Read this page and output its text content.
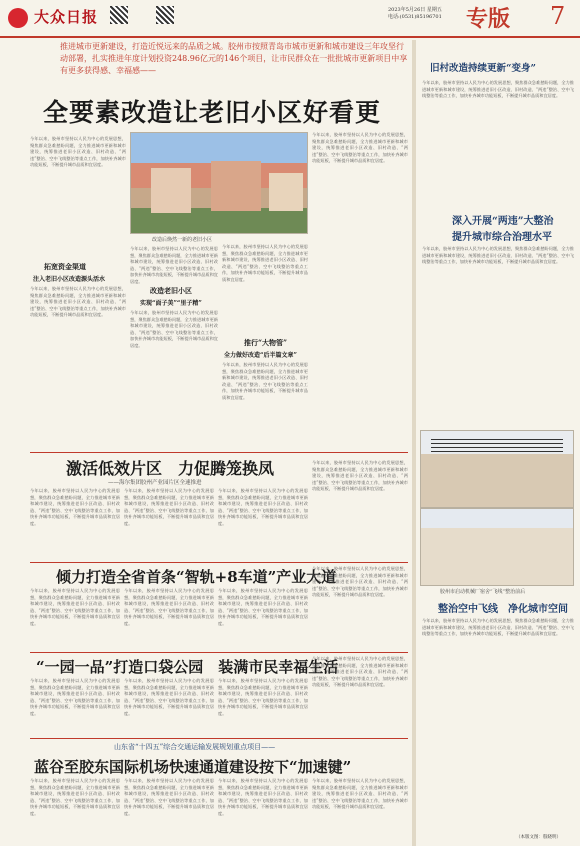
大众日报	2023年5月26日 星期五
电话:(0531)85196701 专版 7
推进城市更新建设，打造近悦远来的品质之城。胶州市按照青岛市城市更新和城市建设三年攻坚行动部署，扎实推进年度计划投资248.96亿元的146个项目，让市民群众在一批批城市更新项目中享有更多获得感、幸福感——
全要素改造让老旧小区好看更
今年以来，胶州市坚持以人民为中心的发展思想，聚焦群众急难愁盼问题，全力推进城市更新和城市建设，统筹推进老旧小区改造、旧村改造、“两违”整治、空中飞线整治等重点工作，加快补齐城市功能短板，不断提升城市品质和宜居度。
拓宽资金渠道
注入老旧小区改造源头活水
今年以来，胶州市坚持以人民为中心的发展思想，聚焦群众急难愁盼问题，全力推进城市更新和城市建设，统筹推进老旧小区改造、旧村改造、“两违”整治、空中飞线整治等重点工作，加快补齐城市功能短板，不断提升城市品质和宜居度。
改造后焕然一新的老旧小区
今年以来，胶州市坚持以人民为中心的发展思想，聚焦群众急难愁盼问题，全力推进城市更新和城市建设，统筹推进老旧小区改造、旧村改造、“两违”整治、空中飞线整治等重点工作，加快补齐城市功能短板，不断提升城市品质和宜居度。
改造老旧小区
实现“面子美”“里子精”
今年以来，胶州市坚持以人民为中心的发展思想，聚焦群众急难愁盼问题，全力推进城市更新和城市建设，统筹推进老旧小区改造、旧村改造、“两违”整治、空中飞线整治等重点工作，加快补齐城市功能短板，不断提升城市品质和宜居度。
今年以来，胶州市坚持以人民为中心的发展思想，聚焦群众急难愁盼问题，全力推进城市更新和城市建设，统筹推进老旧小区改造、旧村改造、“两违”整治、空中飞线整治等重点工作，加快补齐城市功能短板，不断提升城市品质和宜居度。
推行“大物管”
全力做好改造“后半篇文章”
今年以来，胶州市坚持以人民为中心的发展思想，聚焦群众急难愁盼问题，全力推进城市更新和城市建设，统筹推进老旧小区改造、旧村改造、“两违”整治、空中飞线整治等重点工作，加快补齐城市功能短板，不断提升城市品质和宜居度。
今年以来，胶州市坚持以人民为中心的发展思想，聚焦群众急难愁盼问题，全力推进城市更新和城市建设，统筹推进老旧小区改造、旧村改造、“两违”整治、空中飞线整治等重点工作，加快补齐城市功能短板，不断提升城市品质和宜居度。
激活低效片区　力促腾笼换凤
——海尔集团胶州产业园片区全速推进
今年以来，胶州市坚持以人民为中心的发展思想，聚焦群众急难愁盼问题，全力推进城市更新和城市建设，统筹推进老旧小区改造、旧村改造、“两违”整治、空中飞线整治等重点工作，加快补齐城市功能短板，不断提升城市品质和宜居度。
今年以来，胶州市坚持以人民为中心的发展思想，聚焦群众急难愁盼问题，全力推进城市更新和城市建设，统筹推进老旧小区改造、旧村改造、“两违”整治、空中飞线整治等重点工作，加快补齐城市功能短板，不断提升城市品质和宜居度。
今年以来，胶州市坚持以人民为中心的发展思想，聚焦群众急难愁盼问题，全力推进城市更新和城市建设，统筹推进老旧小区改造、旧村改造、“两违”整治、空中飞线整治等重点工作，加快补齐城市功能短板，不断提升城市品质和宜居度。
今年以来，胶州市坚持以人民为中心的发展思想，聚焦群众急难愁盼问题，全力推进城市更新和城市建设，统筹推进老旧小区改造、旧村改造、“两违”整治、空中飞线整治等重点工作，加快补齐城市功能短板，不断提升城市品质和宜居度。
倾力打造全省首条“智轨+8车道”产业大道
今年以来，胶州市坚持以人民为中心的发展思想，聚焦群众急难愁盼问题，全力推进城市更新和城市建设，统筹推进老旧小区改造、旧村改造、“两违”整治、空中飞线整治等重点工作，加快补齐城市功能短板，不断提升城市品质和宜居度。
今年以来，胶州市坚持以人民为中心的发展思想，聚焦群众急难愁盼问题，全力推进城市更新和城市建设，统筹推进老旧小区改造、旧村改造、“两违”整治、空中飞线整治等重点工作，加快补齐城市功能短板，不断提升城市品质和宜居度。
今年以来，胶州市坚持以人民为中心的发展思想，聚焦群众急难愁盼问题，全力推进城市更新和城市建设，统筹推进老旧小区改造、旧村改造、“两违”整治、空中飞线整治等重点工作，加快补齐城市功能短板，不断提升城市品质和宜居度。
今年以来，胶州市坚持以人民为中心的发展思想，聚焦群众急难愁盼问题，全力推进城市更新和城市建设，统筹推进老旧小区改造、旧村改造、“两违”整治、空中飞线整治等重点工作，加快补齐城市功能短板，不断提升城市品质和宜居度。
“一园一品”打造口袋公园　装满市民幸福生活
今年以来，胶州市坚持以人民为中心的发展思想，聚焦群众急难愁盼问题，全力推进城市更新和城市建设，统筹推进老旧小区改造、旧村改造、“两违”整治、空中飞线整治等重点工作，加快补齐城市功能短板，不断提升城市品质和宜居度。
今年以来，胶州市坚持以人民为中心的发展思想，聚焦群众急难愁盼问题，全力推进城市更新和城市建设，统筹推进老旧小区改造、旧村改造、“两违”整治、空中飞线整治等重点工作，加快补齐城市功能短板，不断提升城市品质和宜居度。
今年以来，胶州市坚持以人民为中心的发展思想，聚焦群众急难愁盼问题，全力推进城市更新和城市建设，统筹推进老旧小区改造、旧村改造、“两违”整治、空中飞线整治等重点工作，加快补齐城市功能短板，不断提升城市品质和宜居度。
今年以来，胶州市坚持以人民为中心的发展思想，聚焦群众急难愁盼问题，全力推进城市更新和城市建设，统筹推进老旧小区改造、旧村改造、“两违”整治、空中飞线整治等重点工作，加快补齐城市功能短板，不断提升城市品质和宜居度。
山东省“十四五”综合交通运输发展规划重点项目——
蓝谷至胶东国际机场快速通道建设按下“加速键”
今年以来，胶州市坚持以人民为中心的发展思想，聚焦群众急难愁盼问题，全力推进城市更新和城市建设，统筹推进老旧小区改造、旧村改造、“两违”整治、空中飞线整治等重点工作，加快补齐城市功能短板，不断提升城市品质和宜居度。
今年以来，胶州市坚持以人民为中心的发展思想，聚焦群众急难愁盼问题，全力推进城市更新和城市建设，统筹推进老旧小区改造、旧村改造、“两违”整治、空中飞线整治等重点工作，加快补齐城市功能短板，不断提升城市品质和宜居度。
今年以来，胶州市坚持以人民为中心的发展思想，聚焦群众急难愁盼问题，全力推进城市更新和城市建设，统筹推进老旧小区改造、旧村改造、“两违”整治、空中飞线整治等重点工作，加快补齐城市功能短板，不断提升城市品质和宜居度。
今年以来，胶州市坚持以人民为中心的发展思想，聚焦群众急难愁盼问题，全力推进城市更新和城市建设，统筹推进老旧小区改造、旧村改造、“两违”整治、空中飞线整治等重点工作，加快补齐城市功能短板，不断提升城市品质和宜居度。
旧村改造持续更新“变身”
今年以来，胶州市坚持以人民为中心的发展思想，聚焦群众急难愁盼问题，全力推进城市更新和城市建设，统筹推进老旧小区改造、旧村改造、“两违”整治、空中飞线整治等重点工作，加快补齐城市功能短板，不断提升城市品质和宜居度。
深入开展“两违”大整治
提升城市综合治理水平
今年以来，胶州市坚持以人民为中心的发展思想，聚焦群众急难愁盼问题，全力推进城市更新和城市建设，统筹推进老旧小区改造、旧村改造、“两违”整治、空中飞线整治等重点工作，加快补齐城市功能短板，不断提升城市品质和宜居度。
胶州市启动机械厂宿舍“飞线”整治前后
整治空中飞线　净化城市空间
今年以来，胶州市坚持以人民为中心的发展思想，聚焦群众急难愁盼问题，全力推进城市更新和城市建设，统筹推进老旧小区改造、旧村改造、“两违”整治、空中飞线整治等重点工作，加快补齐城市功能短板，不断提升城市品质和宜居度。
（本版文图：殷晓明）
